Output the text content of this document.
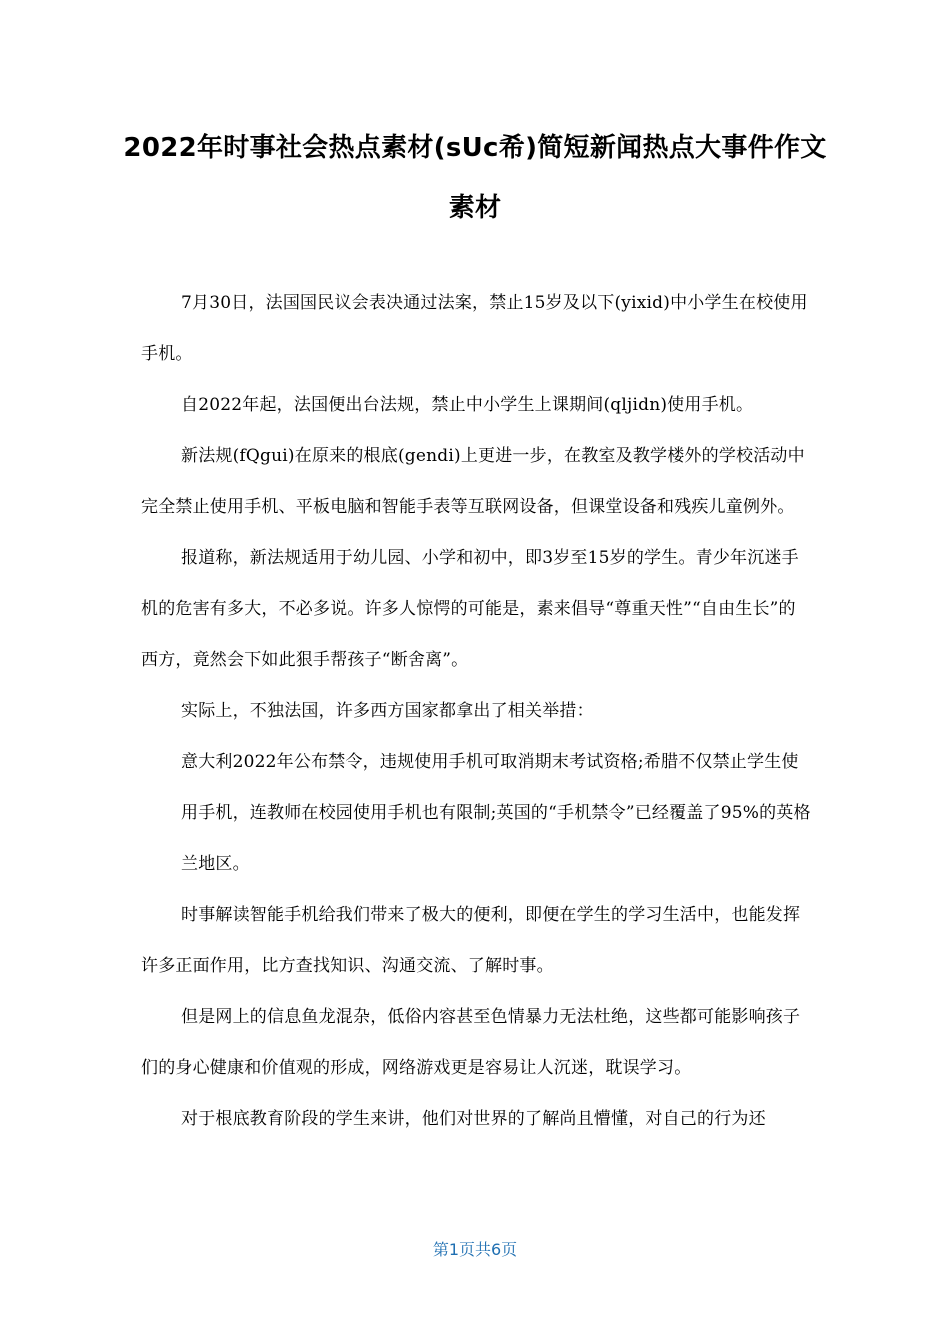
2022年时事社会热点素材(sUc希)简短新闻热点大事件作文素材

7月30日，法国国民议会表决通过法案，禁止15岁及以下(yixid)中小学生在校使用手机。

自2022年起，法国便出台法规，禁止中小学生上课期间(qljidn)使用手机。

新法规(fQgui)在原来的根底(gendi)上更进一步，在教室及教学楼外的学校活动中完全禁止使用手机、平板电脑和智能手表等互联网设备，但课堂设备和残疾儿童例外。

报道称，新法规适用于幼儿园、小学和初中，即3岁至15岁的学生。青少年沉迷手机的危害有多大，不必多说。许多人惊愕的可能是，素来倡导“尊重天性”“自由生长”的西方，竟然会下如此狠手帮孩子“断舍离”。

实际上，不独法国，许多西方国家都拿出了相关举措：

意大利2022年公布禁令，违规使用手机可取消期末考试资格;希腊不仅禁止学生使用手机，连教师在校园使用手机也有限制;英国的“手机禁令”已经覆盖了95%的英格兰地区。

时事解读智能手机给我们带来了极大的便利，即便在学生的学习生活中，也能发挥许多正面作用，比方查找知识、沟通交流、了解时事。

但是网上的信息鱼龙混杂，低俗内容甚至色情暴力无法杜绝，这些都可能影响孩子们的身心健康和价值观的形成，网络游戏更是容易让人沉迷，耽误学习。

对于根底教育阶段的学生来讲，他们对世界的了解尚且懵懂，对自己的行为还

第1页共6页
